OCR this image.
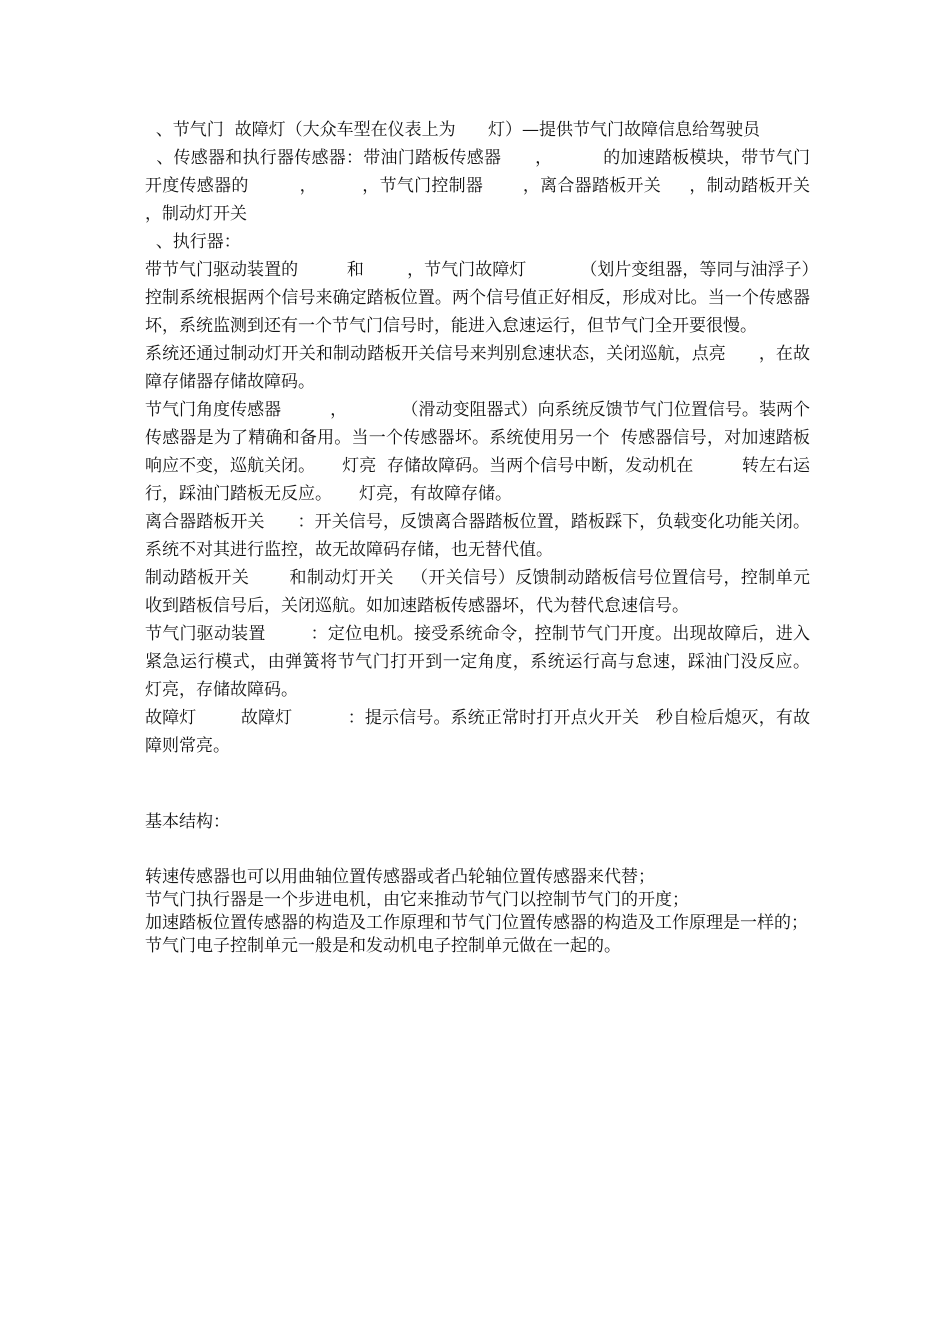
、节气门  故障灯（大众车型在仪表上为      灯）—提供节气门故障信息给驾驶员

、传感器和执行器传感器：带油门踏板传感器      ，         的加速踏板模块，带节气门开度传感器的         ，        ，节气门控制器       ，离合器踏板开关     ，制动踏板开关      ，制动灯开关

、执行器：

带节气门驱动装置的         和        ，节气门故障灯          （划片变组器，等同与油浮子）控制系统根据两个信号来确定踏板位置。两个信号值正好相反，形成对比。当一个传感器坏，系统监测到还有一个节气门信号时，能进入怠速运行，但节气门全开要很慢。

系统还通过制动灯开关和制动踏板开关信号来判别怠速状态，关闭巡航，点亮      ，在故障存储器存储故障码。

节气门角度传感器         ，          （滑动变阻器式）向系统反馈节气门位置信号。装两个传感器是为了精确和备用。当一个传感器坏。系统使用另一个  传感器信号，对加速踏板响应不变，巡航关闭。     灯亮  存储故障码。当两个信号中断，发动机在         转左右运行，踩油门踏板无反应。     灯亮，有故障存储。

离合器踏板开关      ：开关信号，反馈离合器踏板位置，踏板踩下，负载变化功能关闭。系统不对其进行监控，故无故障码存储，也无替代值。

制动踏板开关       和制动灯开关   （开关信号）反馈制动踏板信号位置信号，控制单元收到踏板信号后，关闭巡航。如加速踏板传感器坏，代为替代怠速信号。

节气门驱动装置        ：定位电机。接受系统命令，控制节气门开度。出现故障后，进入紧急运行模式，由弹簧将节气门打开到一定角度，系统运行高与怠速，踩油门没反应。      灯亮，存储故障码。

故障灯        故障灯          ：提示信号。系统正常时打开点火开关   秒自检后熄灭，有故障则常亮。

基本结构：

转速传感器也可以用曲轴位置传感器或者凸轮轴位置传感器来代替；

节气门执行器是一个步进电机，由它来推动节气门以控制节气门的开度；

加速踏板位置传感器的构造及工作原理和节气门位置传感器的构造及工作原理是一样的；

节气门电子控制单元一般是和发动机电子控制单元做在一起的。
